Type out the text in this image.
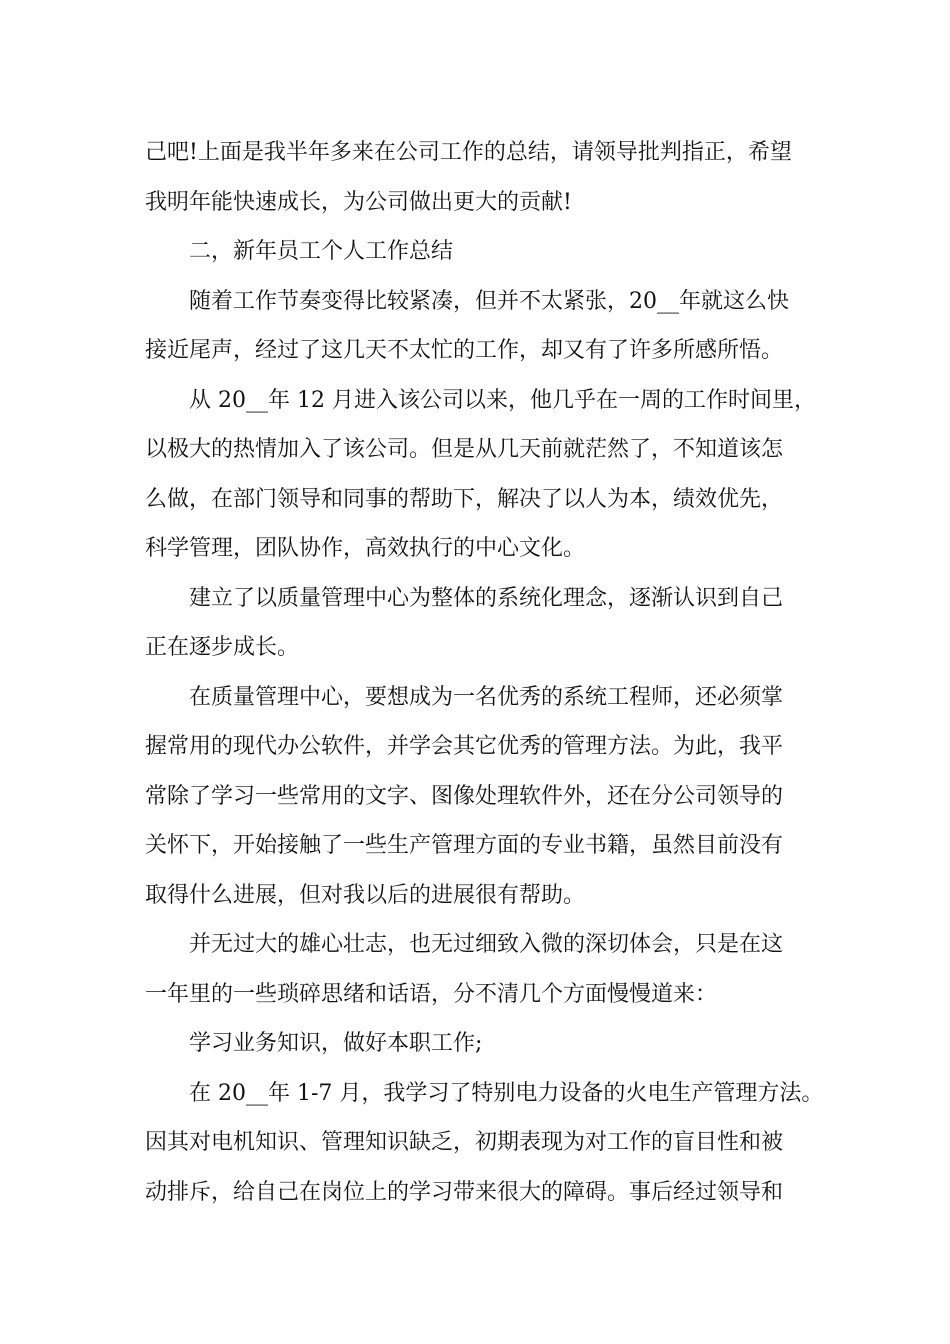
己吧!上面是我半年多来在公司工作的总结，请领导批判指正，希望
我明年能快速成长，为公司做出更大的贡献!

二，新年员工个人工作总结

随着工作节奏变得比较紧凑，但并不太紧张，20__年就这么快
接近尾声，经过了这几天不太忙的工作，却又有了许多所感所悟。

从 20__年 12 月进入该公司以来，他几乎在一周的工作时间里，
以极大的热情加入了该公司。但是从几天前就茫然了，不知道该怎
么做，在部门领导和同事的帮助下，解决了以人为本，绩效优先，
科学管理，团队协作，高效执行的中心文化。

建立了以质量管理中心为整体的系统化理念，逐渐认识到自己
正在逐步成长。

在质量管理中心，要想成为一名优秀的系统工程师，还必须掌
握常用的现代办公软件，并学会其它优秀的管理方法。为此，我平
常除了学习一些常用的文字、图像处理软件外，还在分公司领导的
关怀下，开始接触了一些生产管理方面的专业书籍，虽然目前没有
取得什么进展，但对我以后的进展很有帮助。

并无过大的雄心壮志，也无过细致入微的深切体会，只是在这
一年里的一些琐碎思绪和话语，分不清几个方面慢慢道来：

学习业务知识，做好本职工作;

在 20__年 1-7 月，我学习了特别电力设备的火电生产管理方法。
因其对电机知识、管理知识缺乏，初期表现为对工作的盲目性和被
动排斥，给自己在岗位上的学习带来很大的障碍。事后经过领导和
